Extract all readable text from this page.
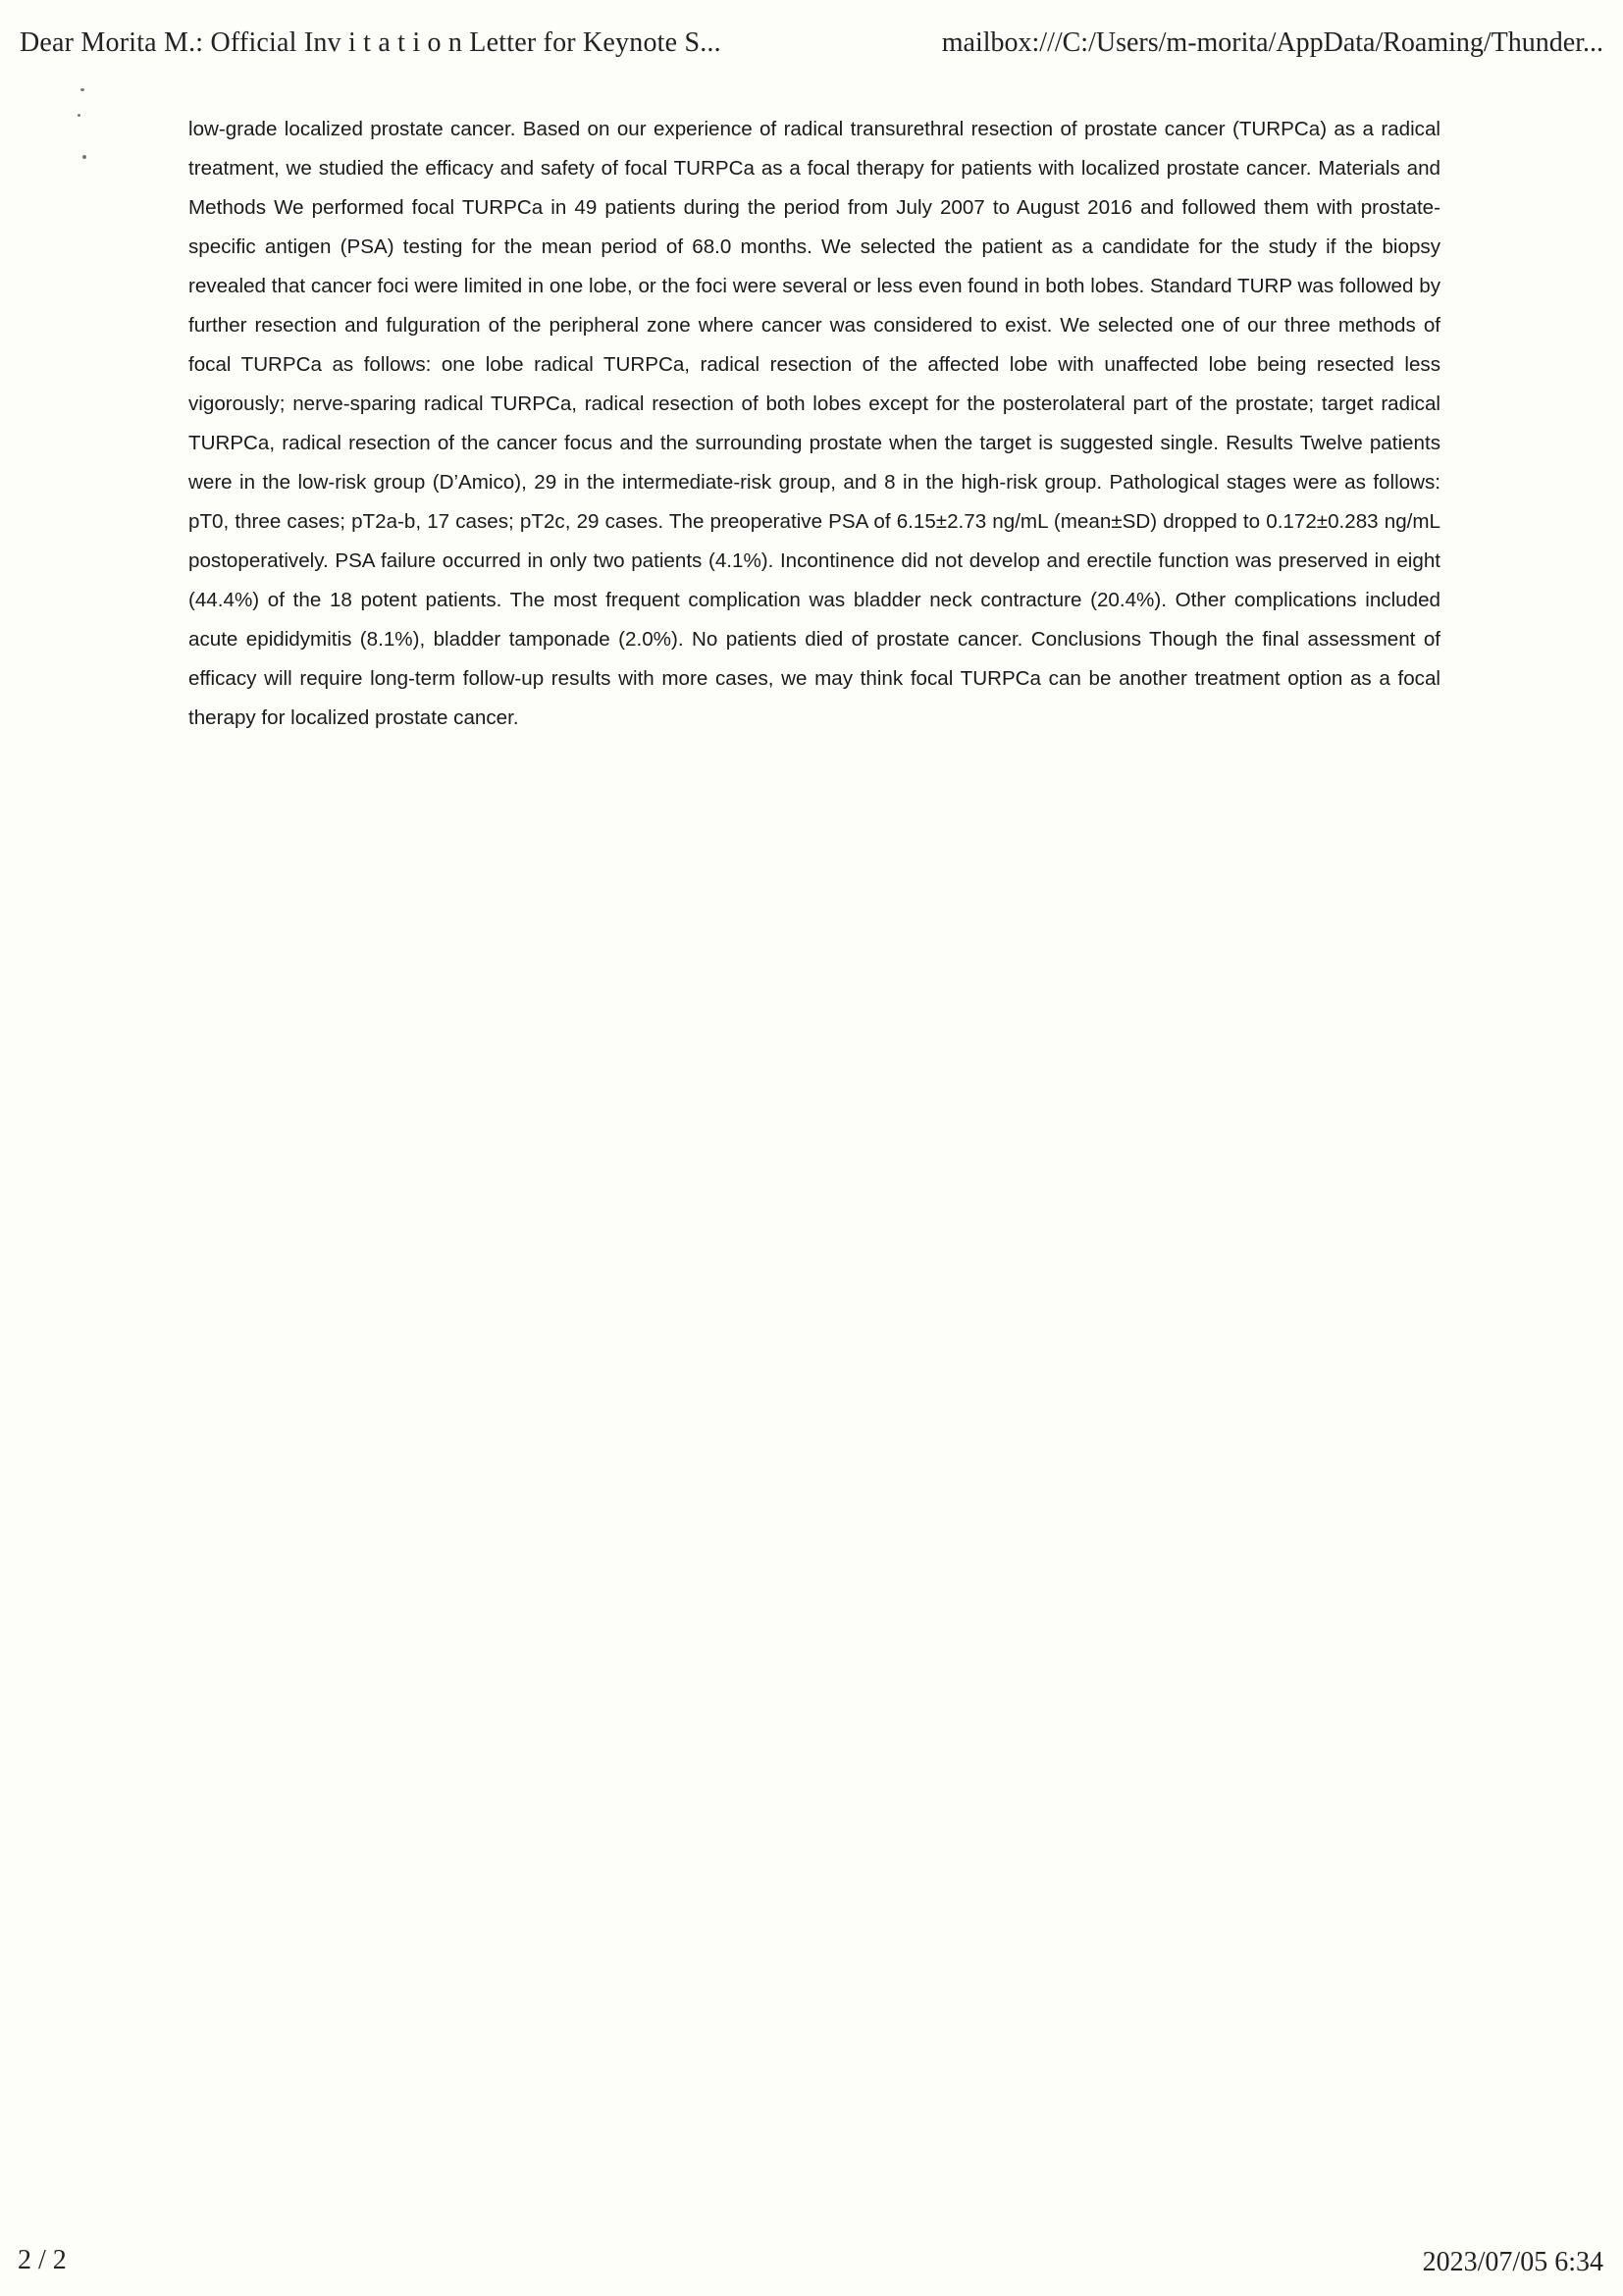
Dear Morita M.: Official Inv i t a t i o n Letter for Keynote S...	mailbox:///C:/Users/m-morita/AppData/Roaming/Thunder...

low-grade localized prostate cancer. Based on our experience of radical transurethral resection of prostate cancer (TURPCa) as a radical treatment, we studied the efficacy and safety of focal TURPCa as a focal therapy for patients with localized prostate cancer. Materials and Methods We performed focal TURPCa in 49 patients during the period from July 2007 to August 2016 and followed them with prostate-specific antigen (PSA) testing for the mean period of 68.0 months. We selected the patient as a candidate for the study if the biopsy revealed that cancer foci were limited in one lobe, or the foci were several or less even found in both lobes. Standard TURP was followed by further resection and fulguration of the peripheral zone where cancer was considered to exist. We selected one of our three methods of focal TURPCa as follows: one lobe radical TURPCa, radical resection of the affected lobe with unaffected lobe being resected less vigorously; nerve-sparing radical TURPCa, radical resection of both lobes except for the posterolateral part of the prostate; target radical TURPCa, radical resection of the cancer focus and the surrounding prostate when the target is suggested single. Results Twelve patients were in the low-risk group (D’Amico), 29 in the intermediate-risk group, and 8 in the high-risk group. Pathological stages were as follows: pT0, three cases; pT2a-b, 17 cases; pT2c, 29 cases. The preoperative PSA of 6.15±2.73 ng/mL (mean±SD) dropped to 0.172±0.283 ng/mL postoperatively. PSA failure occurred in only two patients (4.1%). Incontinence did not develop and erectile function was preserved in eight (44.4%) of the 18 potent patients. The most frequent complication was bladder neck contracture (20.4%). Other complications included acute epididymitis (8.1%), bladder tamponade (2.0%). No patients died of prostate cancer. Conclusions Though the final assessment of efficacy will require long-term follow-up results with more cases, we may think focal TURPCa can be another treatment option as a focal therapy for localized prostate cancer.

2 / 2	2023/07/05 6:34
